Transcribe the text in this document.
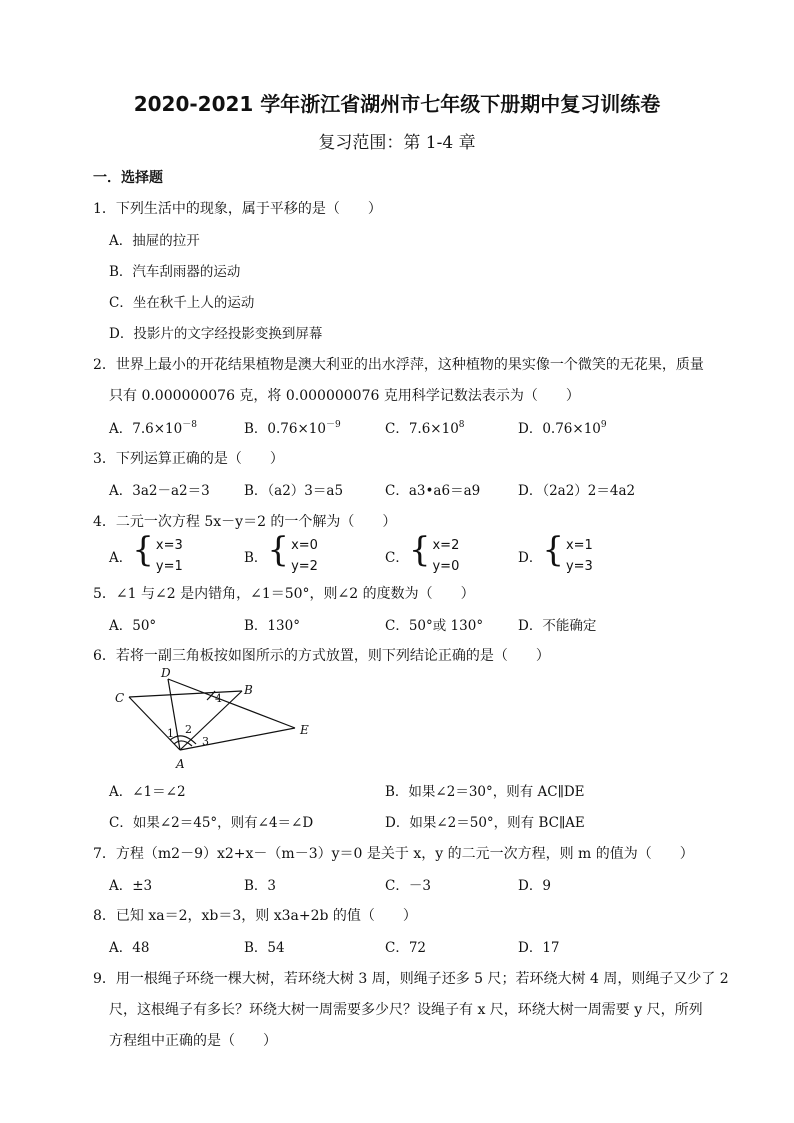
2020-2021 学年浙江省湖州市七年级下册期中复习训练卷
复习范围：第 1-4 章
一．选择题
1．下列生活中的现象，属于平移的是（　　）
A．抽屉的拉开
B．汽车刮雨器的运动
C．坐在秋千上人的运动
D．投影片的文字经投影变换到屏幕
2．世界上最小的开花结果植物是澳大利亚的出水浮萍，这种植物的果实像一个微笑的无花果，质量
只有 0.000000076 克，将 0.000000076 克用科学记数法表示为（　　）
A．$7.6\times 10^{-8}$	B．$0.76\times 10^{-9}$	C．$7.6\times 10^8$	D．$0.76\times 10^9$
3．下列运算正确的是（　　）
A．3a2－a2＝3	B．（a2）3＝a5	C．a3•a6＝a9	D．（2a2）2＝4a2
4．二元一次方程 5x－y＝2 的一个解为（　　）
A． { x=3
y=1
B． { x=0
y=2
C． { x=2
y=0
D． { x=1
y=3
5．∠1 与∠2 是内错角，∠1＝50°，则∠2 的度数为（　　）
A．50°	B．130°	C．50°或 130°	D．不能确定
6．若将一副三角板按如图所示的方式放置，则下列结论正确的是（　　）
C
D
B
E
A
1 2
3
4
A．∠1＝∠2	B．如果∠2＝30°，则有 AC∥DE
C．如果∠2＝45°，则有∠4＝∠D	D．如果∠2＝50°，则有 BC∥AE
7．方程（m2－9）x2+x－（m－3）y＝0 是关于 x，y 的二元一次方程，则 m 的值为（　　）
A．±3	B．3	C．－3	D．9
8．已知 xa＝2，xb＝3，则 x3a+2b 的值（　　）
A．48	B．54	C．72	D．17
9．用一根绳子环绕一棵大树，若环绕大树 3 周，则绳子还多 5 尺；若环绕大树 4 周，则绳子又少了 2
尺，这根绳子有多长？环绕大树一周需要多少尺？设绳子有 x 尺，环绕大树一周需要 y 尺，所列
方程组中正确的是（　　）
